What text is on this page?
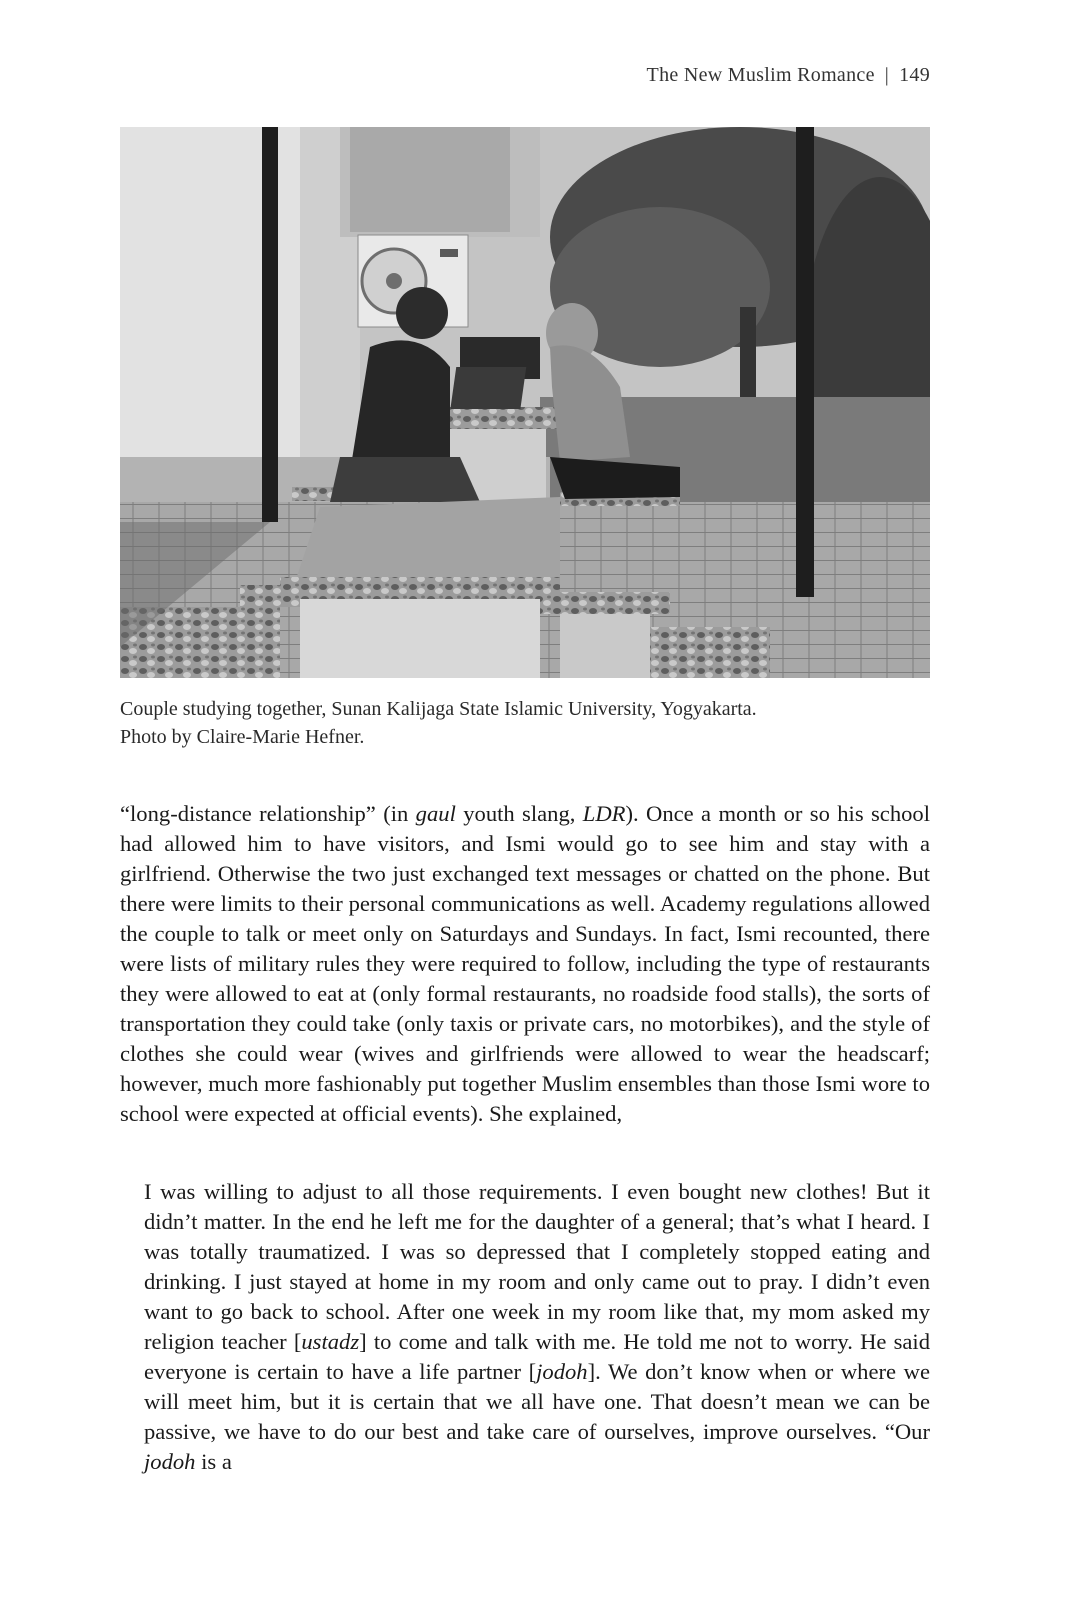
The New Muslim Romance | 149

Couple studying together, Sunan Kalijaga State Islamic University, Yogyakarta.

Photo by Claire-Marie Hefner.

“long-distance relationship” (in gaul youth slang, LDR). Once a month or so his school had allowed him to have visitors, and Ismi would go to see him and stay with a girlfriend. Otherwise the two just exchanged text messages or chatted on the phone. But there were limits to their personal communications as well. Academy regulations allowed the couple to talk or meet only on Saturdays and Sundays. In fact, Ismi recounted, there were lists of military rules they were required to follow, including the type of restaurants they were allowed to eat at (only formal restaurants, no roadside food stalls), the sorts of transportation they could take (only taxis or private cars, no motorbikes), and the style of clothes she could wear (wives and girlfriends were allowed to wear the headscarf; however, much more fashionably put together Muslim ensembles than those Ismi wore to school were expected at official events). She explained,

I was willing to adjust to all those requirements. I even bought new clothes! But it didn’t matter. In the end he left me for the daughter of a general; that’s what I heard. I was totally traumatized. I was so depressed that I completely stopped eating and drinking. I just stayed at home in my room and only came out to pray. I didn’t even want to go back to school. After one week in my room like that, my mom asked my religion teacher [ustadz] to come and talk with me. He told me not to worry. He said everyone is certain to have a life partner [jodoh]. We don’t know when or where we will meet him, but it is certain that we all have one. That doesn’t mean we can be passive, we have to do our best and take care of ourselves, improve ourselves. “Our jodoh is a
